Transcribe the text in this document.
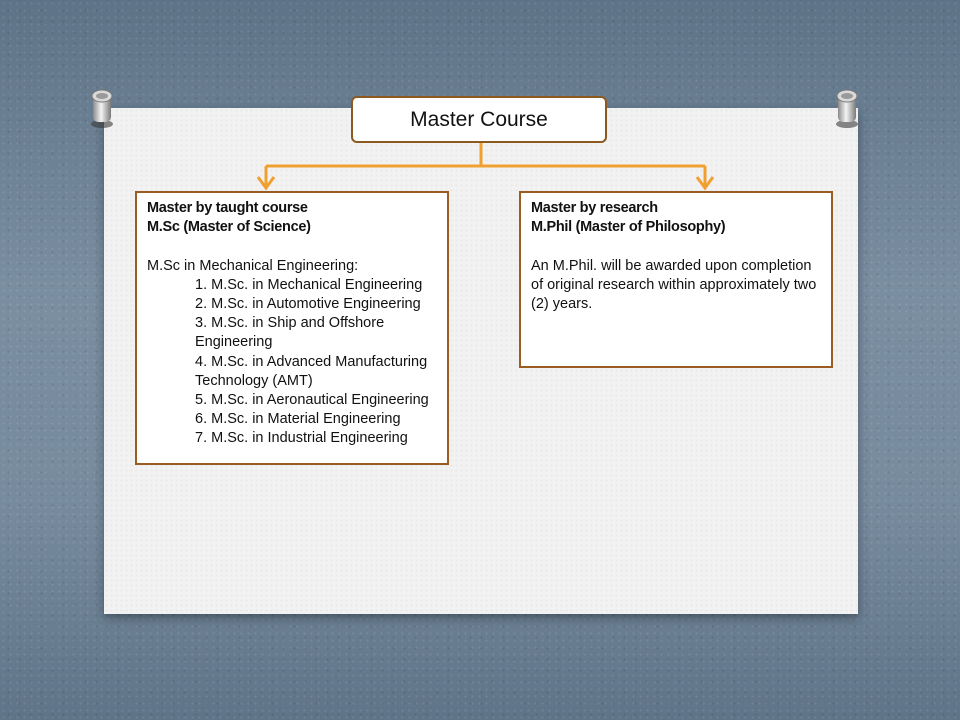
Master Course
Master by taught course
M.Sc (Master of Science)
M.Sc in Mechanical Engineering:
1. M.Sc. in Mechanical Engineering
2. M.Sc. in Automotive Engineering
3. M.Sc. in Ship and Offshore Engineering
4. M.Sc. in Advanced Manufacturing Technology (AMT)
5. M.Sc. in Aeronautical Engineering
6. M.Sc. in Material Engineering
7. M.Sc. in Industrial Engineering
Master by research
M.Phil (Master of Philosophy)
An M.Phil. will be awarded upon completion of original research within approximately two (2) years.
